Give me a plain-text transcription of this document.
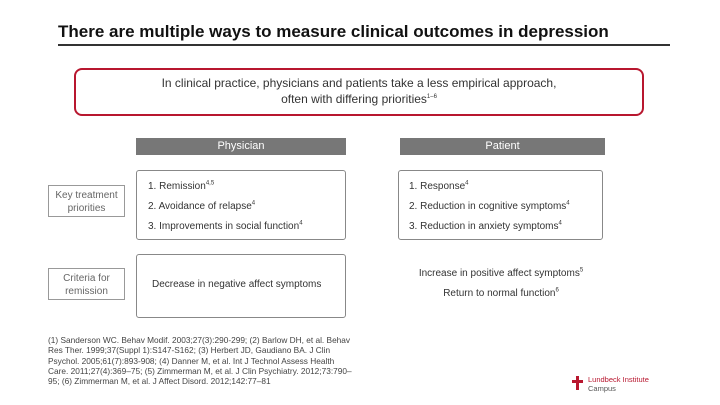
There are multiple ways to measure clinical outcomes in depression
In clinical practice, physicians and patients take a less empirical approach,
often with differing priorities$^{1-6}$
Physician	Patient
Key treatment priorities
Criteria for remission
1. Remission$^{4,5}$
2. Avoidance of relapse$^4$
3. Improvements in social function$^4$
1. Response$^4$
2. Reduction in cognitive symptoms$^4$
3. Reduction in anxiety symptoms$^4$
Decrease in negative affect symptoms
Increase in positive affect symptoms$^5$
Return to normal function$^6$
(1) Sanderson WC. Behav Modif. 2003;27(3):290-299; (2) Barlow DH, et al. Behav
Res Ther. 1999;37(Suppl 1):S147-S162; (3) Herbert JD, Gaudiano BA. J Clin
Psychol. 2005;61(7):893-908; (4) Danner M, et al. Int J Technol Assess Health
Care. 2011;27(4):369–75; (5) Zimmerman M, et al. J Clin Psychiatry. 2012;73:790–
95; (6) Zimmerman M, et al. J Affect Disord. 2012;142:77–81	Lundbeck Institute
Campus
